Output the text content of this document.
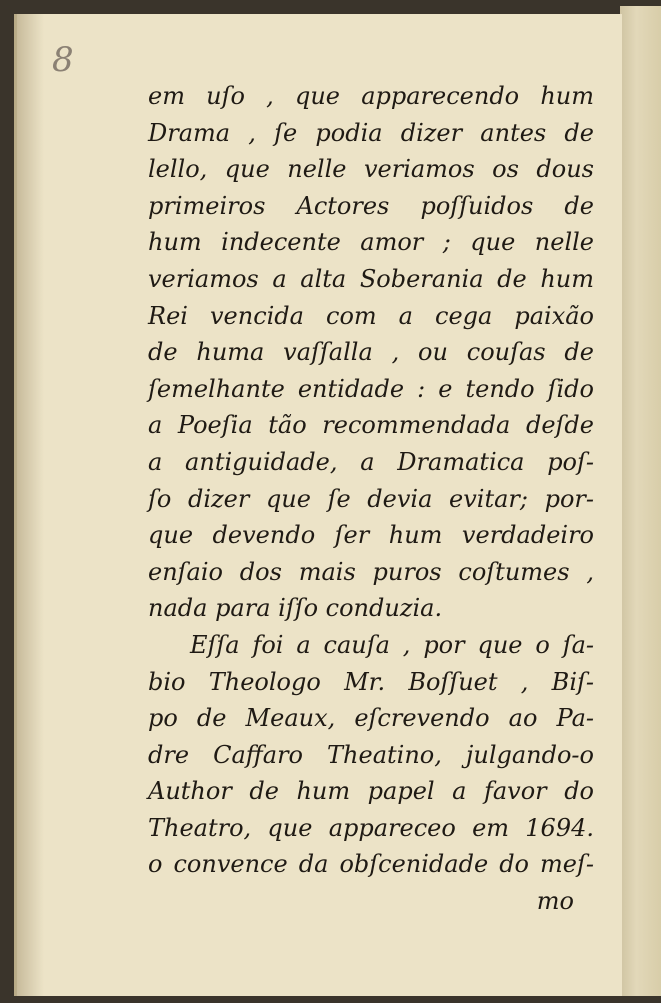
8
em uſo , que apparecendo hum
Drama , ſe podia dizer antes de
lello, que nelle veriamos os dous
primeiros Actores poſſuidos de
hum indecente amor ; que nelle
veriamos a alta Soberania de hum
Rei vencida com a cega paixão
de huma vaſſalla , ou couſas de
ſemelhante entidade : e tendo ſido
a Poeſia tão recommendada deſde
a antiguidade, a Dramatica poſ-
ſo dizer que ſe devia evitar; por-
que devendo ſer hum verdadeiro
enſaio dos mais puros coſtumes ,
nada para iſſo conduzia.
Eſſa foi a cauſa , por que o ſa-
bio Theologo Mr. Boſſuet , Biſ-
po de Meaux, eſcrevendo ao Pa-
dre Caffaro Theatino, julgando-o
Author de hum papel a favor do
Theatro, que appareceo em 1694.
o convence da obſcenidade do meſ-
mo
